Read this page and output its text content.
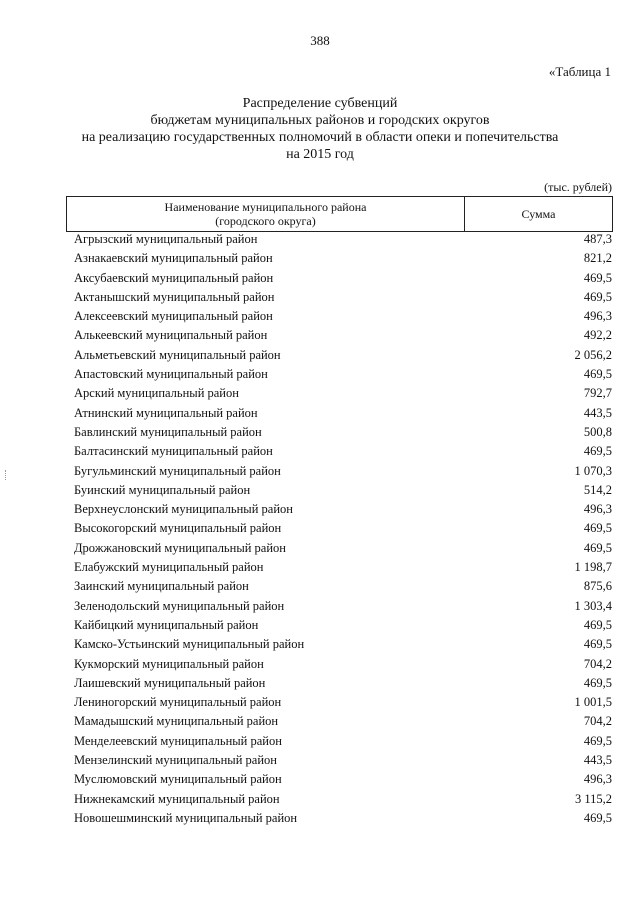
388
«Таблица 1
Распределение субвенций
бюджетам муниципальных районов и городских округов
на реализацию государственных полномочий в области опеки и попечительства
на 2015 год
(тыс. рублей)
Наименование муниципального района
(городского округа)	Сумма
Агрызский муниципальный район	487,3
Азнакаевский муниципальный район	821,2
Аксубаевский муниципальный район	469,5
Актанышский муниципальный район	469,5
Алексеевский муниципальный район	496,3
Алькеевский муниципальный район	492,2
Альметьевский муниципальный район	2 056,2
Апастовский муниципальный район	469,5
Арский муниципальный район	792,7
Атнинский муниципальный район	443,5
Бавлинский муниципальный район	500,8
Балтасинский муниципальный район	469,5
Бугульминский муниципальный район	1 070,3
Буинский муниципальный район	514,2
Верхнеуслонский муниципальный район	496,3
Высокогорский муниципальный район	469,5
Дрожжановский муниципальный район	469,5
Елабужский муниципальный район	1 198,7
Заинский муниципальный район	875,6
Зеленодольский муниципальный район	1 303,4
Кайбицкий муниципальный район	469,5
Камско-Устьинский муниципальный район	469,5
Кукморский муниципальный район	704,2
Лаишевский муниципальный район	469,5
Лениногорский муниципальный район	1 001,5
Мамадышский муниципальный район	704,2
Менделеевский муниципальный район	469,5
Мензелинский муниципальный район	443,5
Муслюмовский муниципальный район	496,3
Нижнекамский муниципальный район	3 115,2
Новошешминский муниципальный район	469,5
